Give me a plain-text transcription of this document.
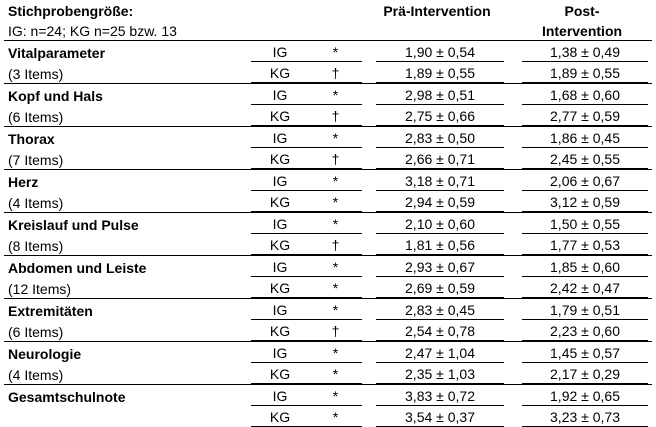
Stichprobengröße:			Prä-Intervention	Post-
IG: n=24; KG n=25 bzw. 13				Intervention
Vitalparameter	IG	*	1,90 ± 0,54	1,38 ± 0,49

(3 Items)	KG	†	1,89 ± 0,55	1,89 ± 0,55

Kopf und Hals	IG	*	2,98 ± 0,51	1,68 ± 0,60

(6 Items)	KG	†	2,75 ± 0,66	2,77 ± 0,59

Thorax	IG	*	2,83 ± 0,50	1,86 ± 0,45

(7 Items)	KG	†	2,66 ± 0,71	2,45 ± 0,55

Herz	IG	*	3,18 ± 0,71	2,06 ± 0,67

(4 Items)	KG	*	2,94 ± 0,59	3,12 ± 0,59

Kreislauf und Pulse	IG	*	2,10 ± 0,60	1,50 ± 0,55

(8 Items)	KG	†	1,81 ± 0,56	1,77 ± 0,53

Abdomen und Leiste	IG	*	2,93 ± 0,67	1,85 ± 0,60

(12 Items)	KG	*	2,69 ± 0,59	2,42 ± 0,47

Extremitäten	IG	*	2,83 ± 0,45	1,79 ± 0,51

(6 Items)	KG	†	2,54 ± 0,78	2,23 ± 0,60

Neurologie	IG	*	2,47 ± 1,04	1,45 ± 0,57

(4 Items)	KG	*	2,35 ± 1,03	2,17 ± 0,29

Gesamtschulnote	IG	*	3,83 ± 0,72	1,92 ± 0,65

	KG	*	3,54 ± 0,37	3,23 ± 0,73
